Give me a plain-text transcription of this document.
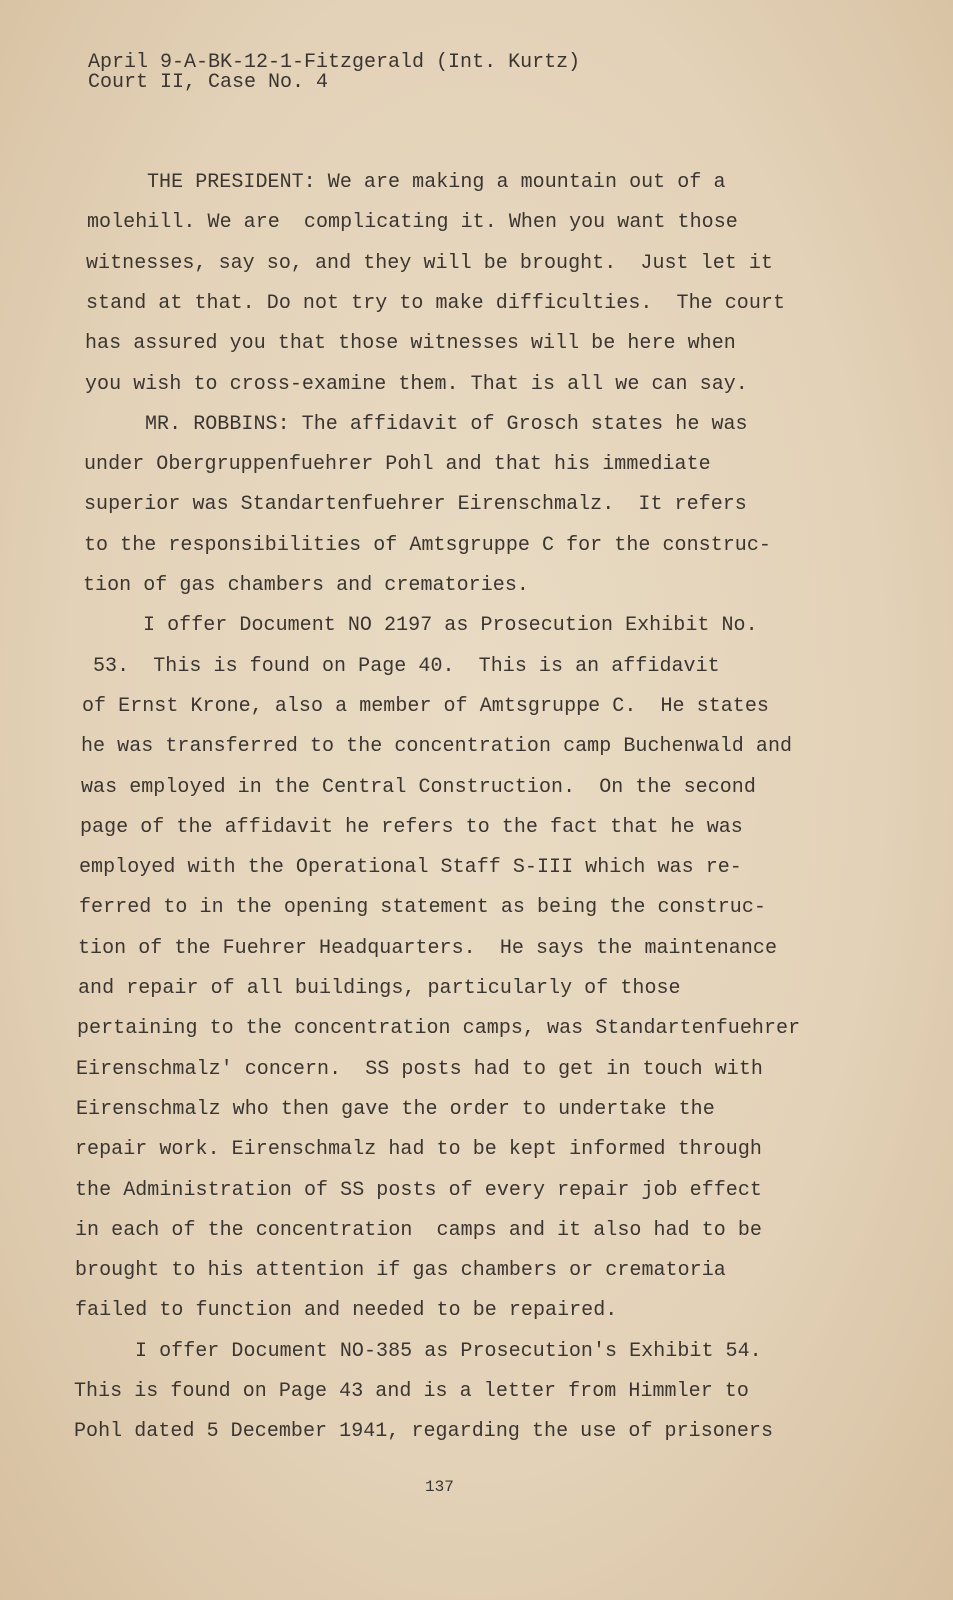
April 9-A-BK-12-1-Fitzgerald (Int. Kurtz)
Court II, Case No. 4
THE PRESIDENT: We are making a mountain out of a
molehill. We are  complicating it. When you want those
witnesses, say so, and they will be brought.  Just let it
stand at that. Do not try to make difficulties.  The court
has assured you that those witnesses will be here when
you wish to cross-examine them. That is all we can say.
MR. ROBBINS: The affidavit of Grosch states he was
under Obergruppenfuehrer Pohl and that his immediate
superior was Standartenfuehrer Eirenschmalz.  It refers
to the responsibilities of Amtsgruppe C for the construc-
tion of gas chambers and crematories.
I offer Document NO 2197 as Prosecution Exhibit No.
53.  This is found on Page 40.  This is an affidavit
of Ernst Krone, also a member of Amtsgruppe C.  He states
he was transferred to the concentration camp Buchenwald and
was employed in the Central Construction.  On the second
page of the affidavit he refers to the fact that he was
employed with the Operational Staff S-III which was re-
ferred to in the opening statement as being the construc-
tion of the Fuehrer Headquarters.  He says the maintenance
and repair of all buildings, particularly of those
pertaining to the concentration camps, was Standartenfuehrer
Eirenschmalz' concern.  SS posts had to get in touch with
Eirenschmalz who then gave the order to undertake the
repair work. Eirenschmalz had to be kept informed through
the Administration of SS posts of every repair job effect
in each of the concentration  camps and it also had to be
brought to his attention if gas chambers or crematoria
failed to function and needed to be repaired.
I offer Document NO-385 as Prosecution's Exhibit 54.
This is found on Page 43 and is a letter from Himmler to
Pohl dated 5 December 1941, regarding the use of prisoners
137
